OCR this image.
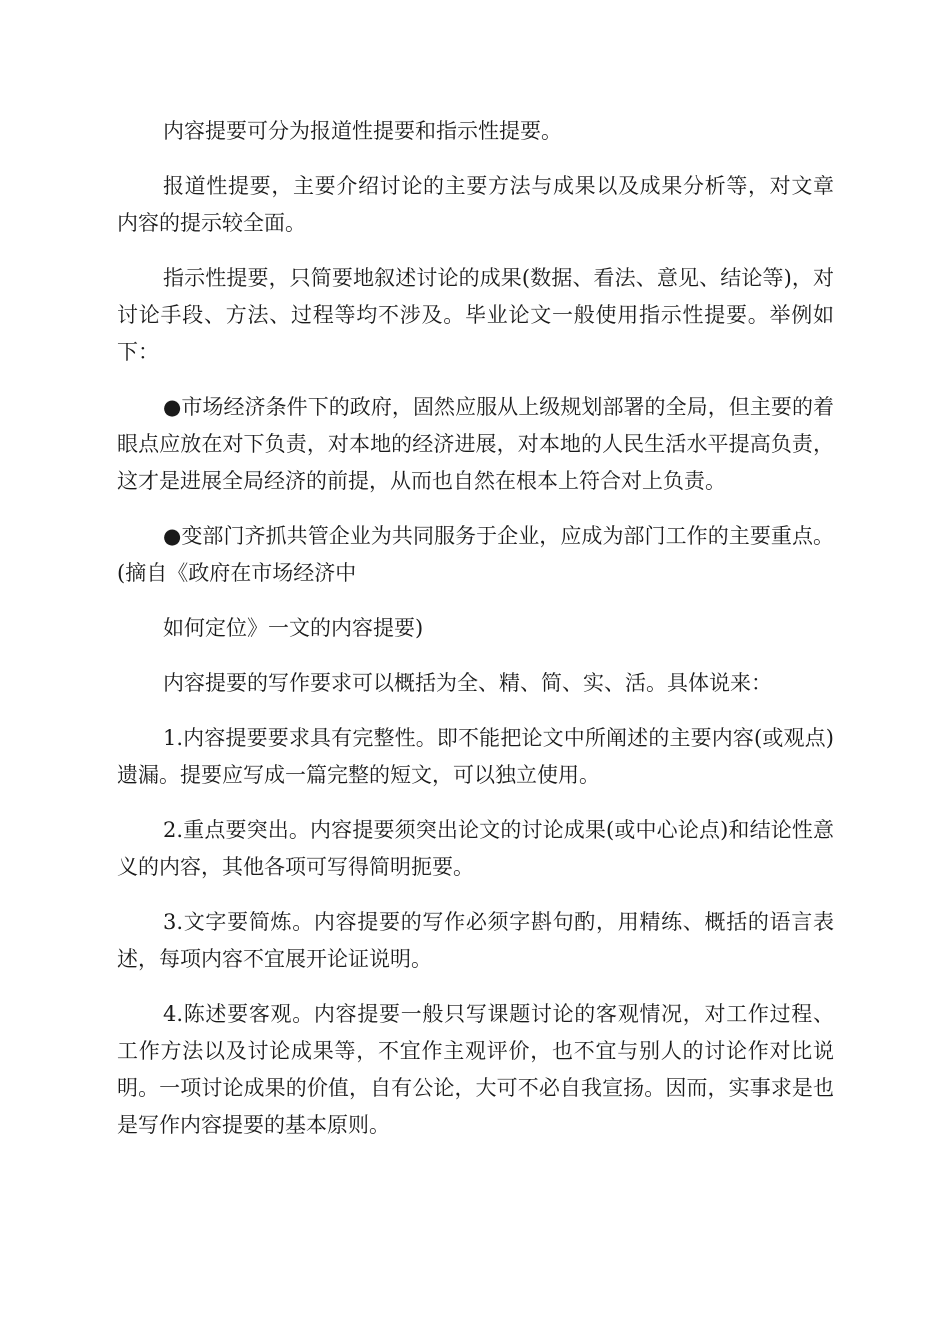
内容提要可分为报道性提要和指示性提要。

报道性提要，主要介绍讨论的主要方法与成果以及成果分析等，对文章内容的提示较全面。

指示性提要，只简要地叙述讨论的成果(数据、看法、意见、结论等)，对讨论手段、方法、过程等均不涉及。毕业论文一般使用指示性提要。举例如下：

●市场经济条件下的政府，固然应服从上级规划部署的全局，但主要的着眼点应放在对下负责，对本地的经济进展，对本地的人民生活水平提高负责，这才是进展全局经济的前提，从而也自然在根本上符合对上负责。

●变部门齐抓共管企业为共同服务于企业，应成为部门工作的主要重点。(摘自《政府在市场经济中

如何定位》一文的内容提要)

内容提要的写作要求可以概括为全、精、简、实、活。具体说来：

1.内容提要要求具有完整性。即不能把论文中所阐述的主要内容(或观点)遗漏。提要应写成一篇完整的短文，可以独立使用。

2.重点要突出。内容提要须突出论文的讨论成果(或中心论点)和结论性意义的内容，其他各项可写得简明扼要。

3.文字要简炼。内容提要的写作必须字斟句酌，用精练、概括的语言表述，每项内容不宜展开论证说明。

4.陈述要客观。内容提要一般只写课题讨论的客观情况，对工作过程、工作方法以及讨论成果等，不宜作主观评价，也不宜与别人的讨论作对比说明。一项讨论成果的价值，自有公论，大可不必自我宣扬。因而，实事求是也是写作内容提要的基本原则。
